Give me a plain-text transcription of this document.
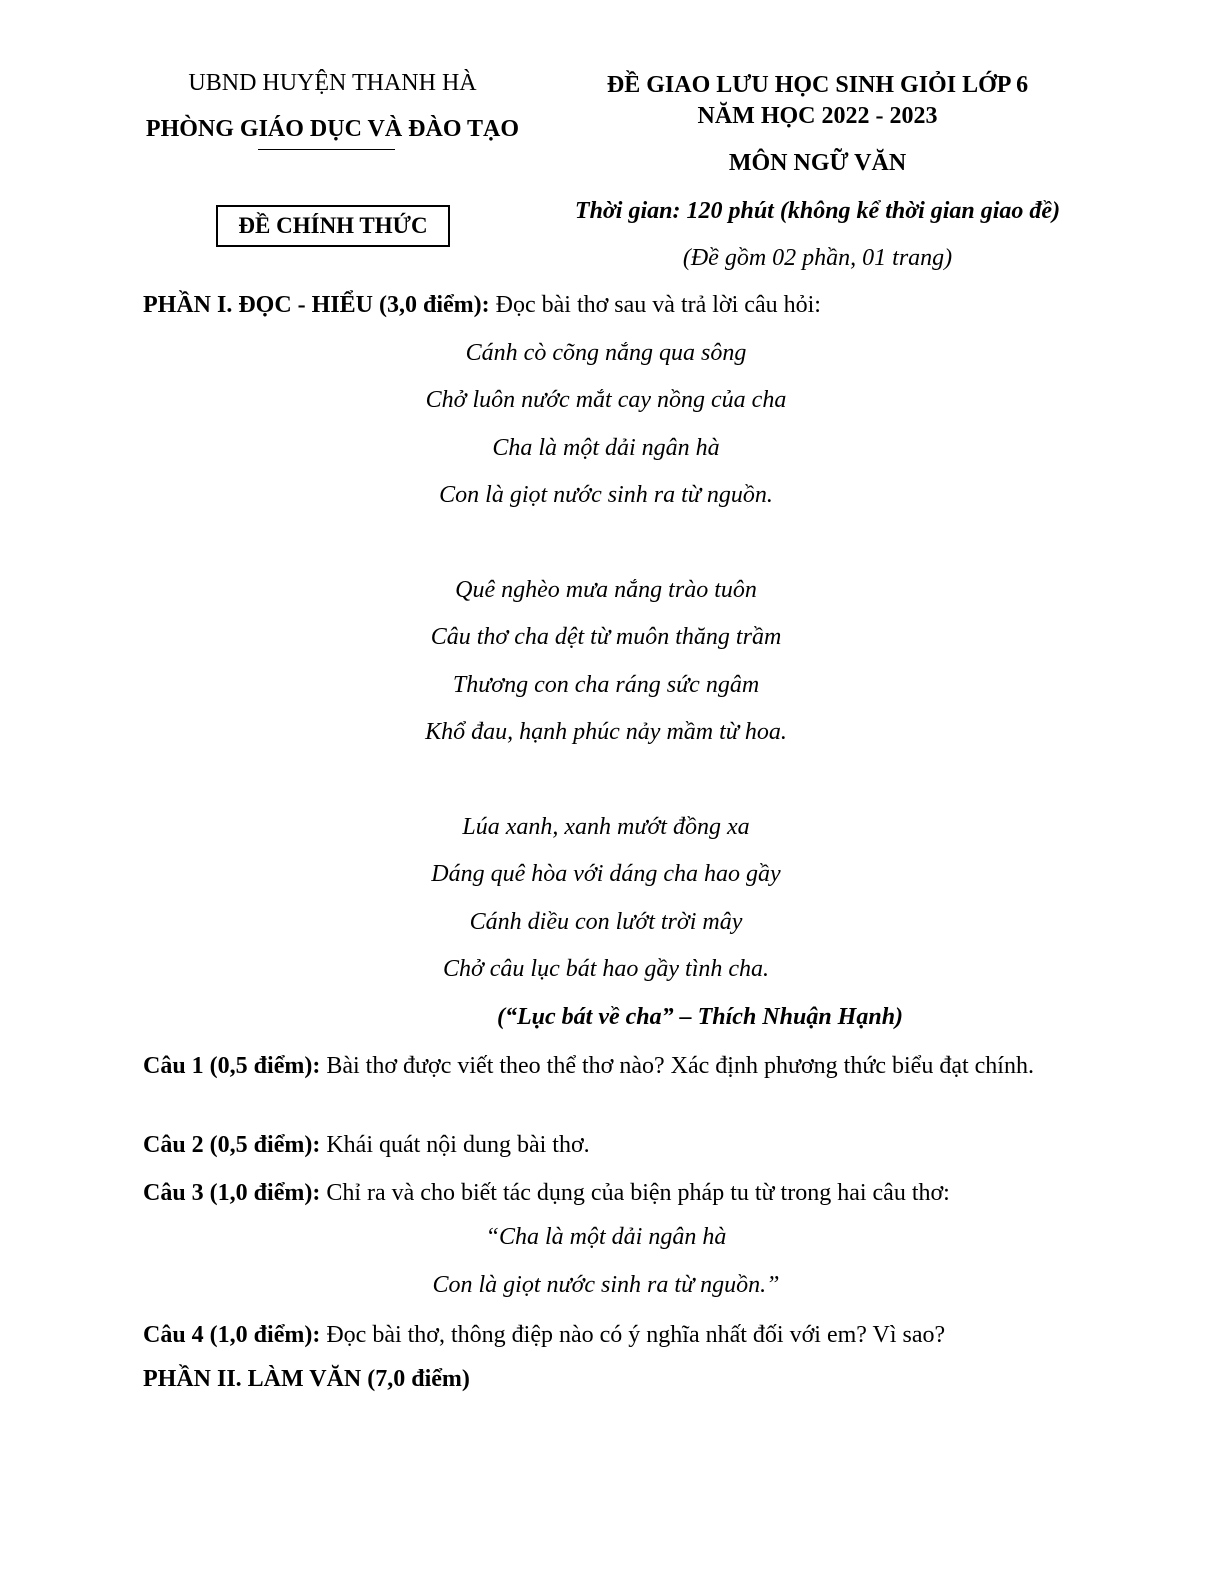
UBND HUYỆN THANH HÀ
PHÒNG GIÁO DỤC VÀ ĐÀO TẠO
ĐỀ CHÍNH THỨC
ĐỀ GIAO LƯU HỌC SINH GIỎI LỚP 6
NĂM HỌC 2022 - 2023
MÔN NGỮ VĂN
Thời gian: 120 phút (không kể thời gian giao đề)
(Đề gồm 02 phần, 01 trang)
PHẦN I. ĐỌC - HIỂU (3,0 điểm): Đọc bài thơ sau và trả lời câu hỏi:
Cánh cò cõng nắng qua sông
Chở luôn nước mắt cay nồng của cha
Cha là một dải ngân hà
Con là giọt nước sinh ra từ nguồn.
Quê nghèo mưa nắng trào tuôn
Câu thơ cha dệt từ muôn thăng trầm
Thương con cha ráng sức ngâm
Khổ đau, hạnh phúc nảy mầm từ hoa.
Lúa xanh, xanh mướt đồng xa
Dáng quê hòa với dáng cha hao gầy
Cánh diều con lướt trời mây
Chở câu lục bát hao gầy tình cha.
(“Lục bát về cha” – Thích Nhuận Hạnh)
Câu 1 (0,5 điểm): Bài thơ được viết theo thể thơ nào? Xác định phương thức biểu đạt chính.
Câu 2 (0,5 điểm): Khái quát nội dung bài thơ.
Câu 3 (1,0 điểm): Chỉ ra và cho biết tác dụng của biện pháp tu từ trong hai câu thơ:
“Cha là một dải ngân hà
Con là giọt nước sinh ra từ nguồn.”
Câu 4 (1,0 điểm): Đọc bài thơ, thông điệp nào có ý nghĩa nhất đối với em? Vì sao?
PHẦN II. LÀM VĂN (7,0 điểm)
